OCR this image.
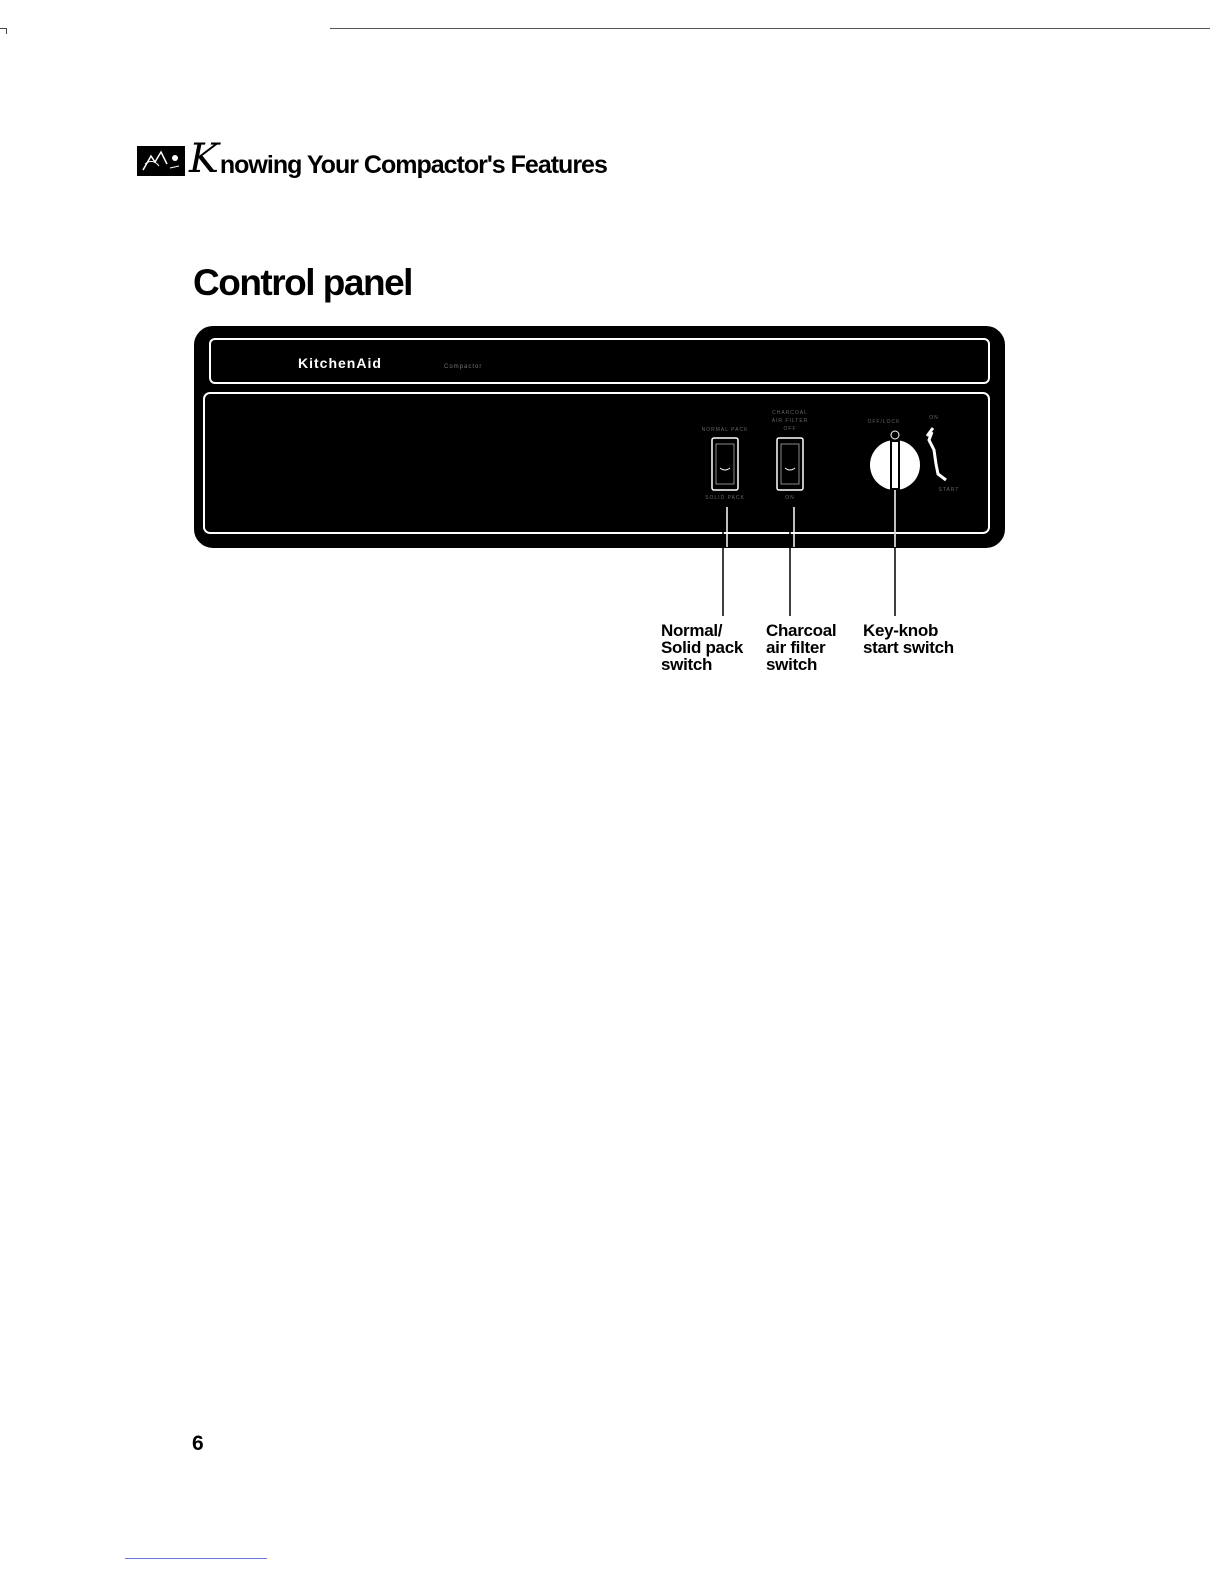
K nowing Your Compactor's Features
Control panel
KitchenAid	Compactor
NORMAL PACK
SOLID PACK
CHARCOAL
AIR FILTER
OFF
ON
OFF/LOCK
ON
START
Normal/
Solid pack
switch
Charcoal
air filter
switch
Key-knob
start switch
6
